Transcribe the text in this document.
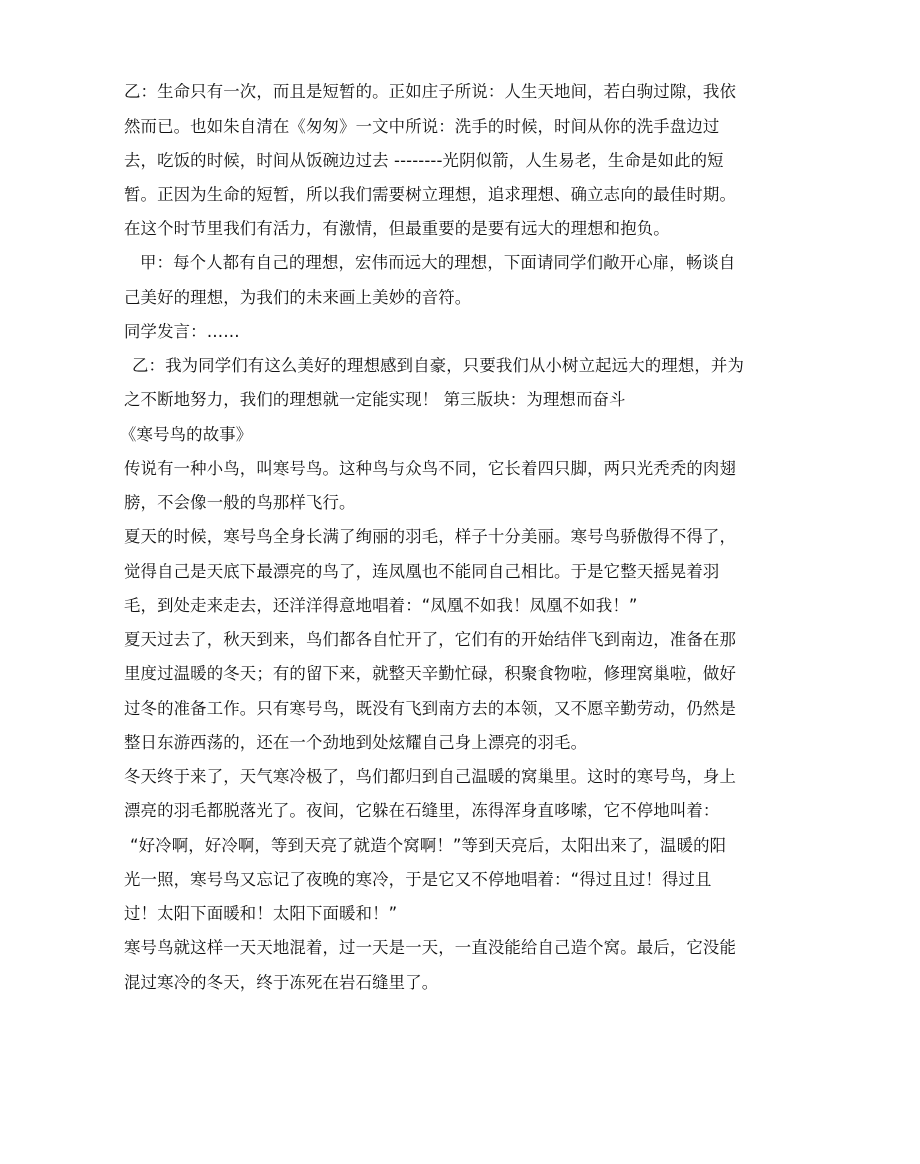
乙：生命只有一次，而且是短暂的。正如庄子所说：人生天地间，若白驹过隙，我依
然而已。也如朱自清在《匆匆》一文中所说：洗手的时候，时间从你的洗手盘边过
去，吃饭的时候，时间从饭碗边过去 --------光阴似箭，人生易老，生命是如此的短
暂。正因为生命的短暂，所以我们需要树立理想，追求理想、确立志向的最佳时期。
在这个时节里我们有活力，有激情，但最重要的是要有远大的理想和抱负。
甲：每个人都有自己的理想，宏伟而远大的理想，下面请同学们敞开心扉，畅谈自
己美好的理想，为我们的未来画上美妙的音符。
同学发言：……
乙：我为同学们有这么美好的理想感到自豪，只要我们从小树立起远大的理想，并为
之不断地努力，我们的理想就一定能实现！ 第三版块：为理想而奋斗
《寒号鸟的故事》
传说有一种小鸟，叫寒号鸟。这种鸟与众鸟不同，它长着四只脚，两只光秃秃的肉翅
膀，不会像一般的鸟那样飞行。
夏天的时候，寒号鸟全身长满了绚丽的羽毛，样子十分美丽。寒号鸟骄傲得不得了，
觉得自己是天底下最漂亮的鸟了，连凤凰也不能同自己相比。于是它整天摇晃着羽
毛，到处走来走去，还洋洋得意地唱着：“凤凰不如我！凤凰不如我！”
夏天过去了，秋天到来，鸟们都各自忙开了，它们有的开始结伴飞到南边，准备在那
里度过温暖的冬天；有的留下来，就整天辛勤忙碌，积聚食物啦，修理窝巢啦，做好
过冬的准备工作。只有寒号鸟，既没有飞到南方去的本领，又不愿辛勤劳动，仍然是
整日东游西荡的，还在一个劲地到处炫耀自己身上漂亮的羽毛。
冬天终于来了，天气寒冷极了，鸟们都归到自己温暖的窝巢里。这时的寒号鸟，身上
漂亮的羽毛都脱落光了。夜间，它躲在石缝里，冻得浑身直哆嗦，它不停地叫着：
“好冷啊，好冷啊，等到天亮了就造个窝啊！”等到天亮后，太阳出来了，温暖的阳
光一照，寒号鸟又忘记了夜晚的寒冷，于是它又不停地唱着：“得过且过！得过且
过！太阳下面暖和！太阳下面暖和！”
寒号鸟就这样一天天地混着，过一天是一天，一直没能给自己造个窝。最后，它没能
混过寒冷的冬天，终于冻死在岩石缝里了。
